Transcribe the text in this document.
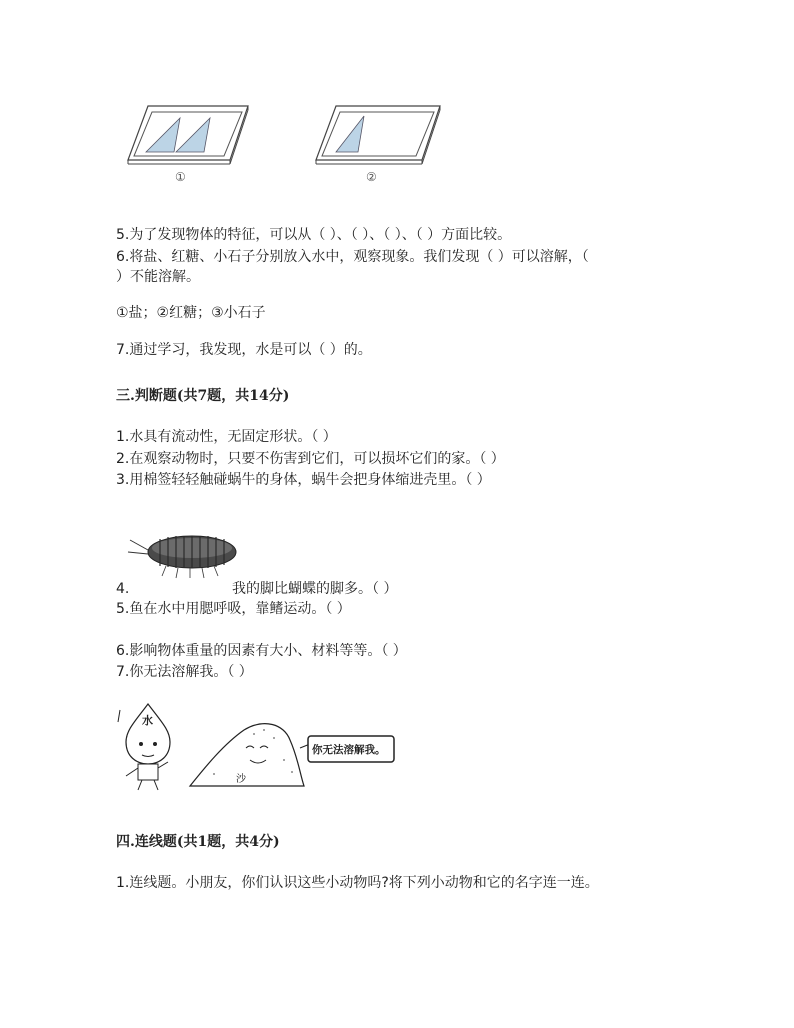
①	②
5.为了发现物体的特征，可以从（ ）、（ ）、（ ）、（ ）方面比较。
6.将盐、红糖、小石子分别放入水中，观察现象。我们发现（ ）可以溶解，（
）不能溶解。
①盐；②红糖；③小石子
7.通过学习，我发现，水是可以（ ）的。
三.判断题(共7题，共14分)
1.水具有流动性，无固定形状。（ ）
2.在观察动物时，只要不伤害到它们，可以损坏它们的家。（ ）
3.用棉签轻轻触碰蜗牛的身体，蜗牛会把身体缩进壳里。（ ）
4.	我的脚比蝴蝶的脚多。（ ）
5.鱼在水中用腮呼吸，靠鳍运动。（ ）
6.影响物体重量的因素有大小、材料等等。（ ）
7.你无法溶解我。（ ）
水
沙
你无法溶解我。
四.连线题(共1题，共4分)
1.连线题。小朋友，你们认识这些小动物吗?将下列小动物和它的名字连一连。
